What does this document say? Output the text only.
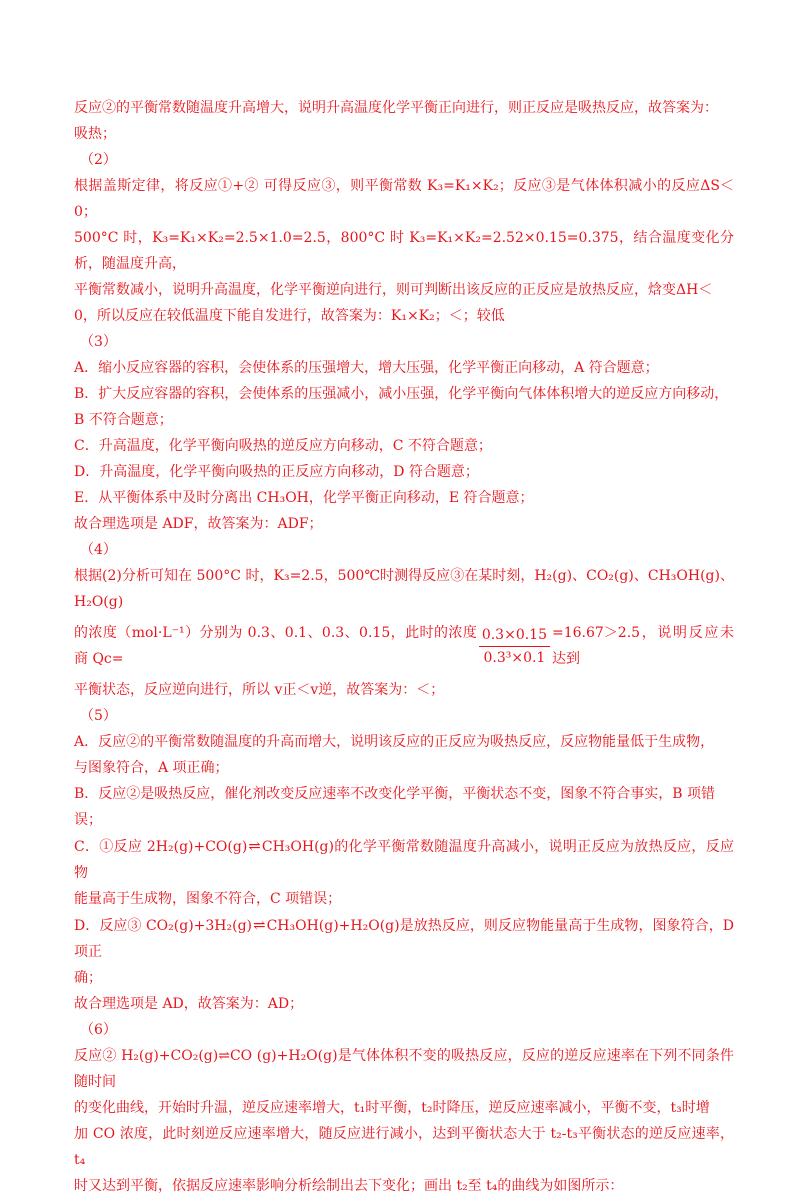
反应②的平衡常数随温度升高增大，说明升高温度化学平衡正向进行，则正反应是吸热反应，故答案为：

吸热；

（2）

根据盖斯定律，将反应①+② 可得反应③，则平衡常数 K₃=K₁×K₂；反应③是气体体积减小的反应ΔS＜0；

500°C 时，K₃=K₁×K₂=2.5×1.0=2.5，800°C 时 K₃=K₁×K₂=2.52×0.15=0.375，结合温度变化分析，随温度升高，

平衡常数减小，说明升高温度，化学平衡逆向进行，则可判断出该反应的正反应是放热反应，焓变ΔH＜

0，所以反应在较低温度下能自发进行，故答案为：K₁×K₂；＜；较低

（3）

A．缩小反应容器的容积，会使体系的压强增大，增大压强，化学平衡正向移动，A 符合题意；

B．扩大反应容器的容积，会使体系的压强减小，减小压强，化学平衡向气体体积增大的逆反应方向移动，

B 不符合题意；

C．升高温度，化学平衡向吸热的逆反应方向移动，C 不符合题意；

D．升高温度，化学平衡向吸热的正反应方向移动，D 符合题意；

E．从平衡体系中及时分离出 CH₃OH，化学平衡正向移动，E 符合题意；

故合理选项是 ADF，故答案为：ADF；

（4）

根据(2)分析可知在 500°C 时，K₃=2.5，500℃时测得反应③在某时刻，H₂(g)、CO₂(g)、CH₃OH(g)、H₂O(g)

的浓度（mol·L⁻¹）分别为 0.3、0.1、0.3、0.15，此时的浓度商 Qc=	$\frac{0.3\times 0.15}{\text{0.3³×0.1}} =16.67>2.5$，说明反应未达到

平衡状态，反应逆向进行，所以 v正＜v逆，故答案为：＜；

（5）

A．反应②的平衡常数随温度的升高而增大，说明该反应的正反应为吸热反应，反应物能量低于生成物，

与图象符合，A 项正确；

B．反应②是吸热反应，催化剂改变反应速率不改变化学平衡，平衡状态不变，图象不符合事实，B 项错

误；

C．①反应 2H₂(g)+CO(g)⇌CH₃OH(g)的化学平衡常数随温度升高减小，说明正反应为放热反应，反应物

能量高于生成物，图象不符合，C 项错误；

D．反应③ CO₂(g)+3H₂(g)⇌CH₃OH(g)+H₂O(g)是放热反应，则反应物能量高于生成物，图象符合，D 项正

确；

故合理选项是 AD，故答案为：AD；

（6）

反应② H₂(g)+CO₂(g)⇌CO (g)+H₂O(g)是气体体积不变的吸热反应，反应的逆反应速率在下列不同条件随时间

的变化曲线，开始时升温，逆反应速率增大，t₁时平衡，t₂时降压，逆反应速率减小，平衡不变，t₃时增

加 CO 浓度，此时刻逆反应速率增大，随反应进行减小，达到平衡状态大于 t₂-t₃平衡状态的逆反应速率，t₄

时又达到平衡，依据反应速率影响分析绘制出去下变化；画出 t₂至 t₄的曲线为如图所示：
